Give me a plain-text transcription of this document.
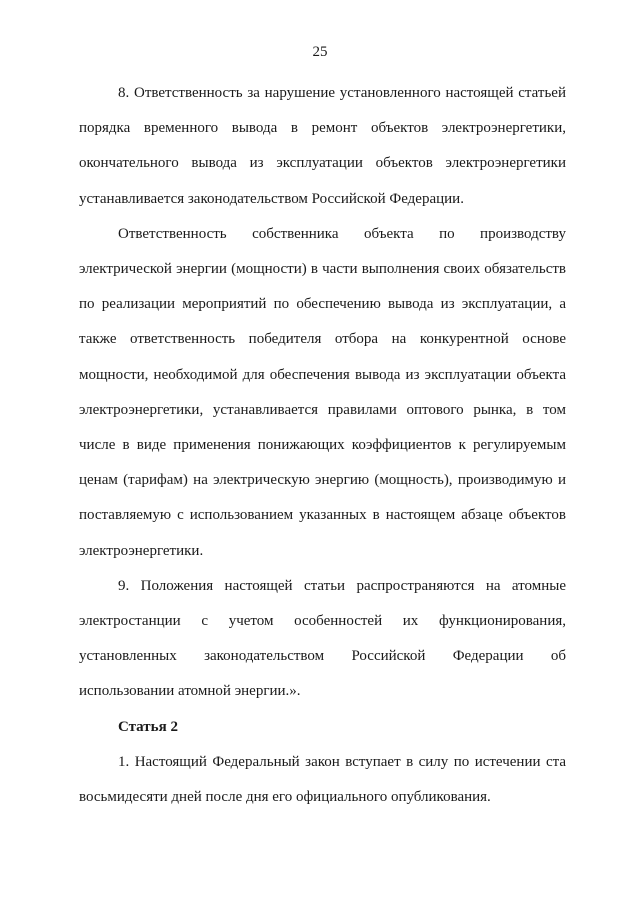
25

8. Ответственность за нарушение установленного настоящей статьей порядка временного вывода в ремонт объектов электроэнергетики, окончательного вывода из эксплуатации объектов электроэнергетики устанавливается законодательством Российской Федерации.

Ответственность собственника объекта по производству электрической энергии (мощности) в части выполнения своих обязательств по реализации мероприятий по обеспечению вывода из эксплуатации, а также ответственность победителя отбора на конкурентной основе мощности, необходимой для обеспечения вывода из эксплуатации объекта электроэнергетики, устанавливается правилами оптового рынка, в том числе в виде применения понижающих коэффициентов к регулируемым ценам (тарифам) на электрическую энергию (мощность), производимую и поставляемую с использованием указанных в настоящем абзаце объектов электроэнергетики.

9. Положения настоящей статьи распространяются на атомные электростанции с учетом особенностей их функционирования, установленных законодательством Российской Федерации об использовании атомной энергии.».

Статья 2

1. Настоящий Федеральный закон вступает в силу по истечении ста восьмидесяти дней после дня его официального опубликования.
